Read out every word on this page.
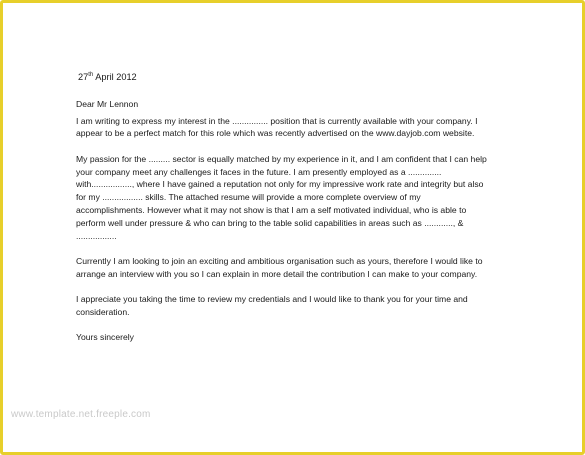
27th April 2012
Dear Mr Lennon
I am writing to express my interest in the ............... position that is currently available with your company. I
appear to be a perfect match for this role which was recently advertised on the www.dayjob.com website.
My passion for the ......... sector is equally matched by my experience in it, and I am confident that I can help
your company meet any challenges it faces in the future. I am presently employed as a ..............
with................., where I have gained a reputation not only for my impressive work rate and integrity but also
for my ................. skills. The attached resume will provide a more complete overview of my
accomplishments. However what it may not show is that I am a self motivated individual, who is able to
perform well under pressure & who can bring to the table solid capabilities in areas such as ............, &
.................
Currently I am looking to join an exciting and ambitious organisation such as yours, therefore I would like to
arrange an interview with you so I can explain in more detail the contribution I can make to your company.
I appreciate you taking the time to review my credentials and I would like to thank you for your time and
consideration.
Yours sincerely
www.template.net.freeple.com
